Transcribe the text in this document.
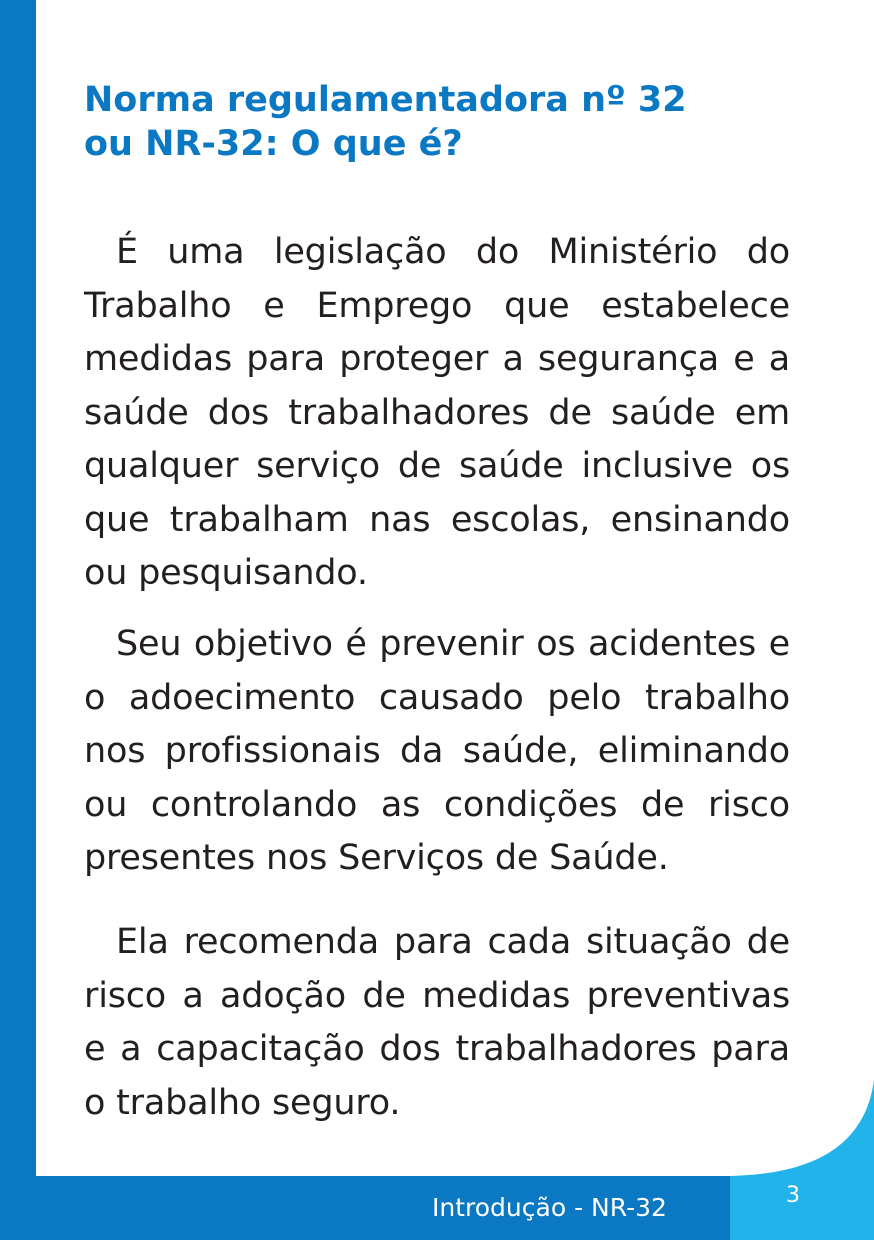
Norma regulamentadora nº 32
ou NR-32: O que é?

É uma legislação do Ministério do Trabalho e Emprego que estabelece medidas para proteger a segurança e a saúde dos trabalhadores de saúde em qualquer serviço de saúde inclusive os que trabalham nas escolas, ensinando ou pesquisando.

Seu objetivo é prevenir os acidentes e o adoecimento causado pelo trabalho nos profissionais da saúde, eliminando ou controlando as condições de risco presentes nos Serviços de Saúde.

Ela recomenda para cada situação de risco a adoção de medidas preventivas e a capacitação dos trabalhadores para o trabalho seguro.

Introdução - NR-32	3
